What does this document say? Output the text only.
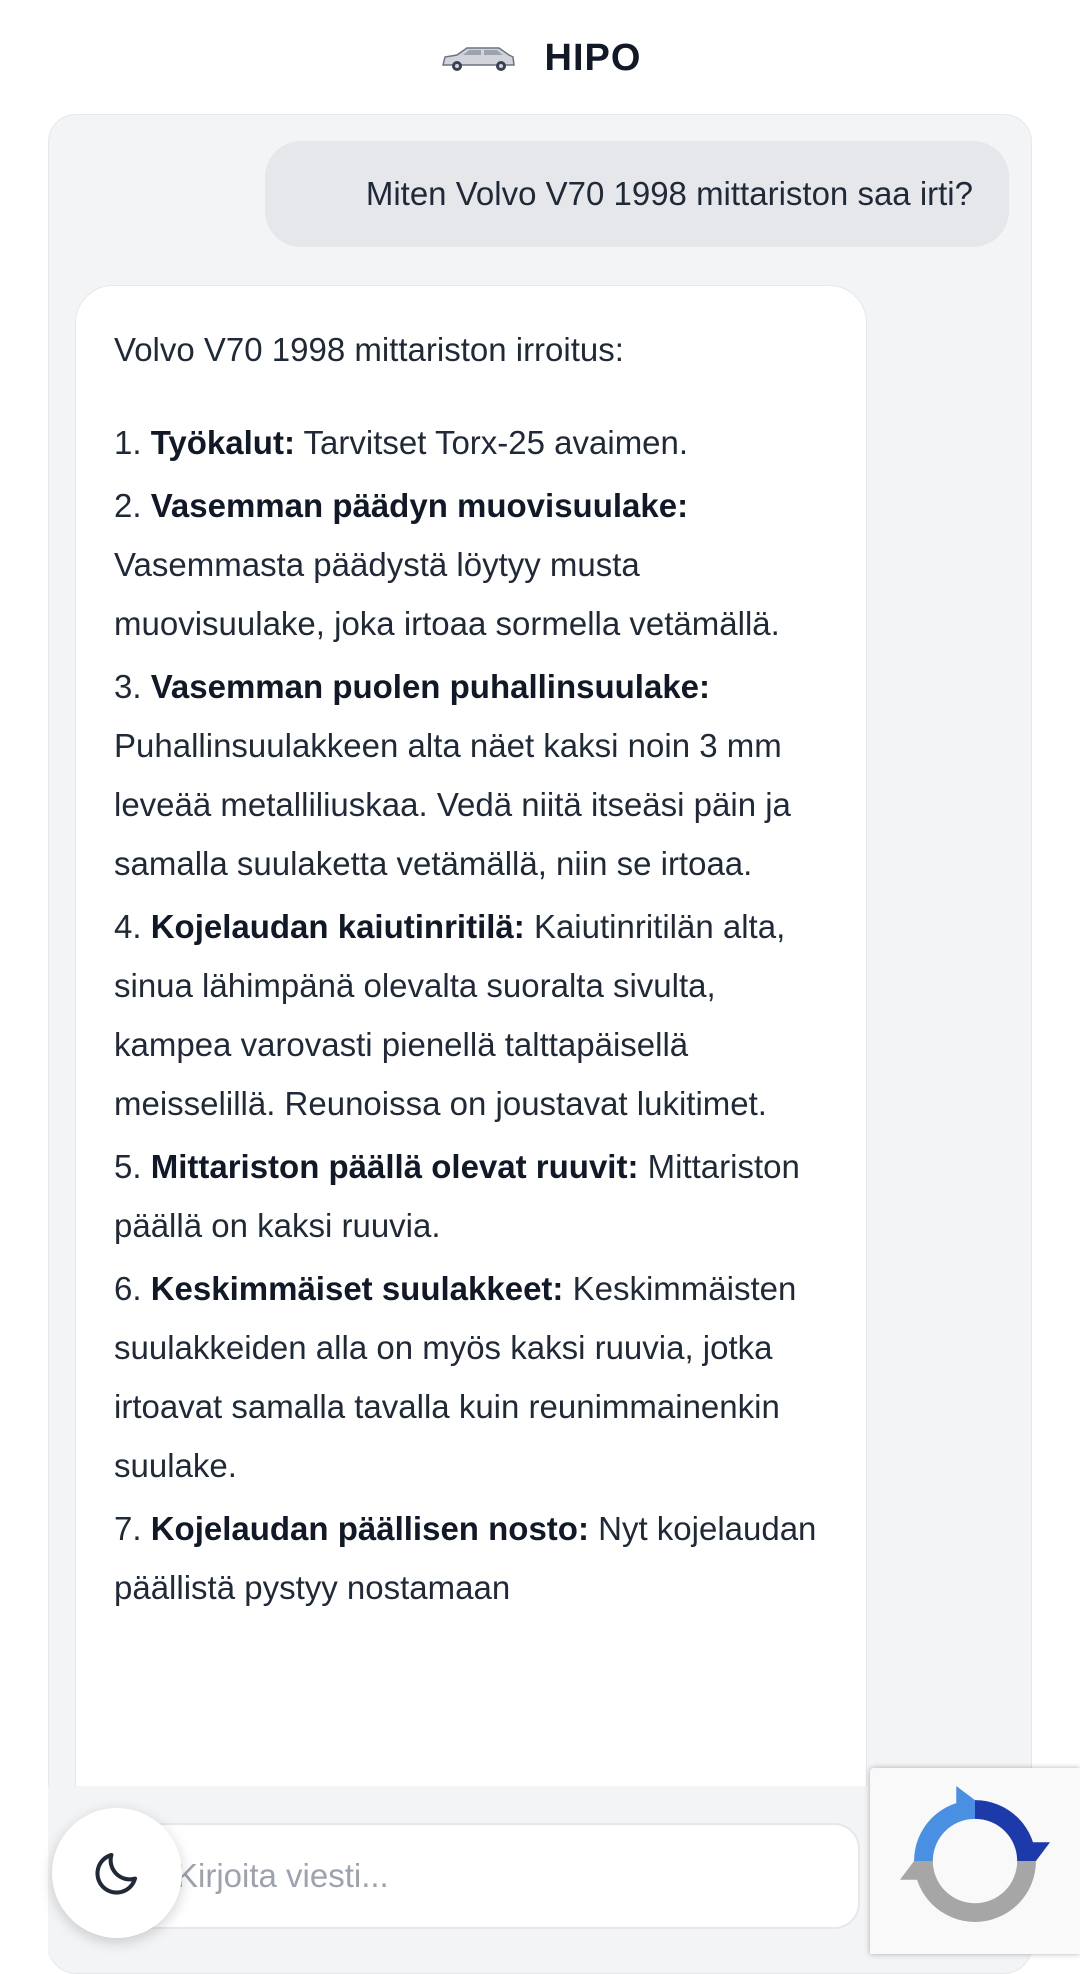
HIPO
Miten Volvo V70 1998 mittariston saa irti?
Volvo V70 1998 mittariston irroitus:
1. Työkalut: Tarvitset Torx-25 avaimen.
2. Vasemman päädyn muovisuulake: Vasemmasta päädystä löytyy musta muovisuulake, joka irtoaa sormella vetämällä.
3. Vasemman puolen puhallinsuulake: Puhallinsuulakkeen alta näet kaksi noin 3 mm leveää metalliliuskaa. Vedä niitä itseäsi päin ja samalla suulaketta vetämällä, niin se irtoaa.
4. Kojelaudan kaiutinritilä: Kaiutinritilän alta, sinua lähimpänä olevalta suoralta sivulta, kampea varovasti pienellä talttapäisellä meisselillä. Reunoissa on joustavat lukitimet.
5. Mittariston päällä olevat ruuvit: Mittariston päällä on kaksi ruuvia.
6. Keskimmäiset suulakkeet: Keskimmäisten suulakkeiden alla on myös kaksi ruuvia, jotka irtoavat samalla tavalla kuin reunimmainenkin suulake.
7. Kojelaudan päällisen nosto: Nyt kojelaudan päällistä pystyy nostamaan
Kirjoita viesti...
